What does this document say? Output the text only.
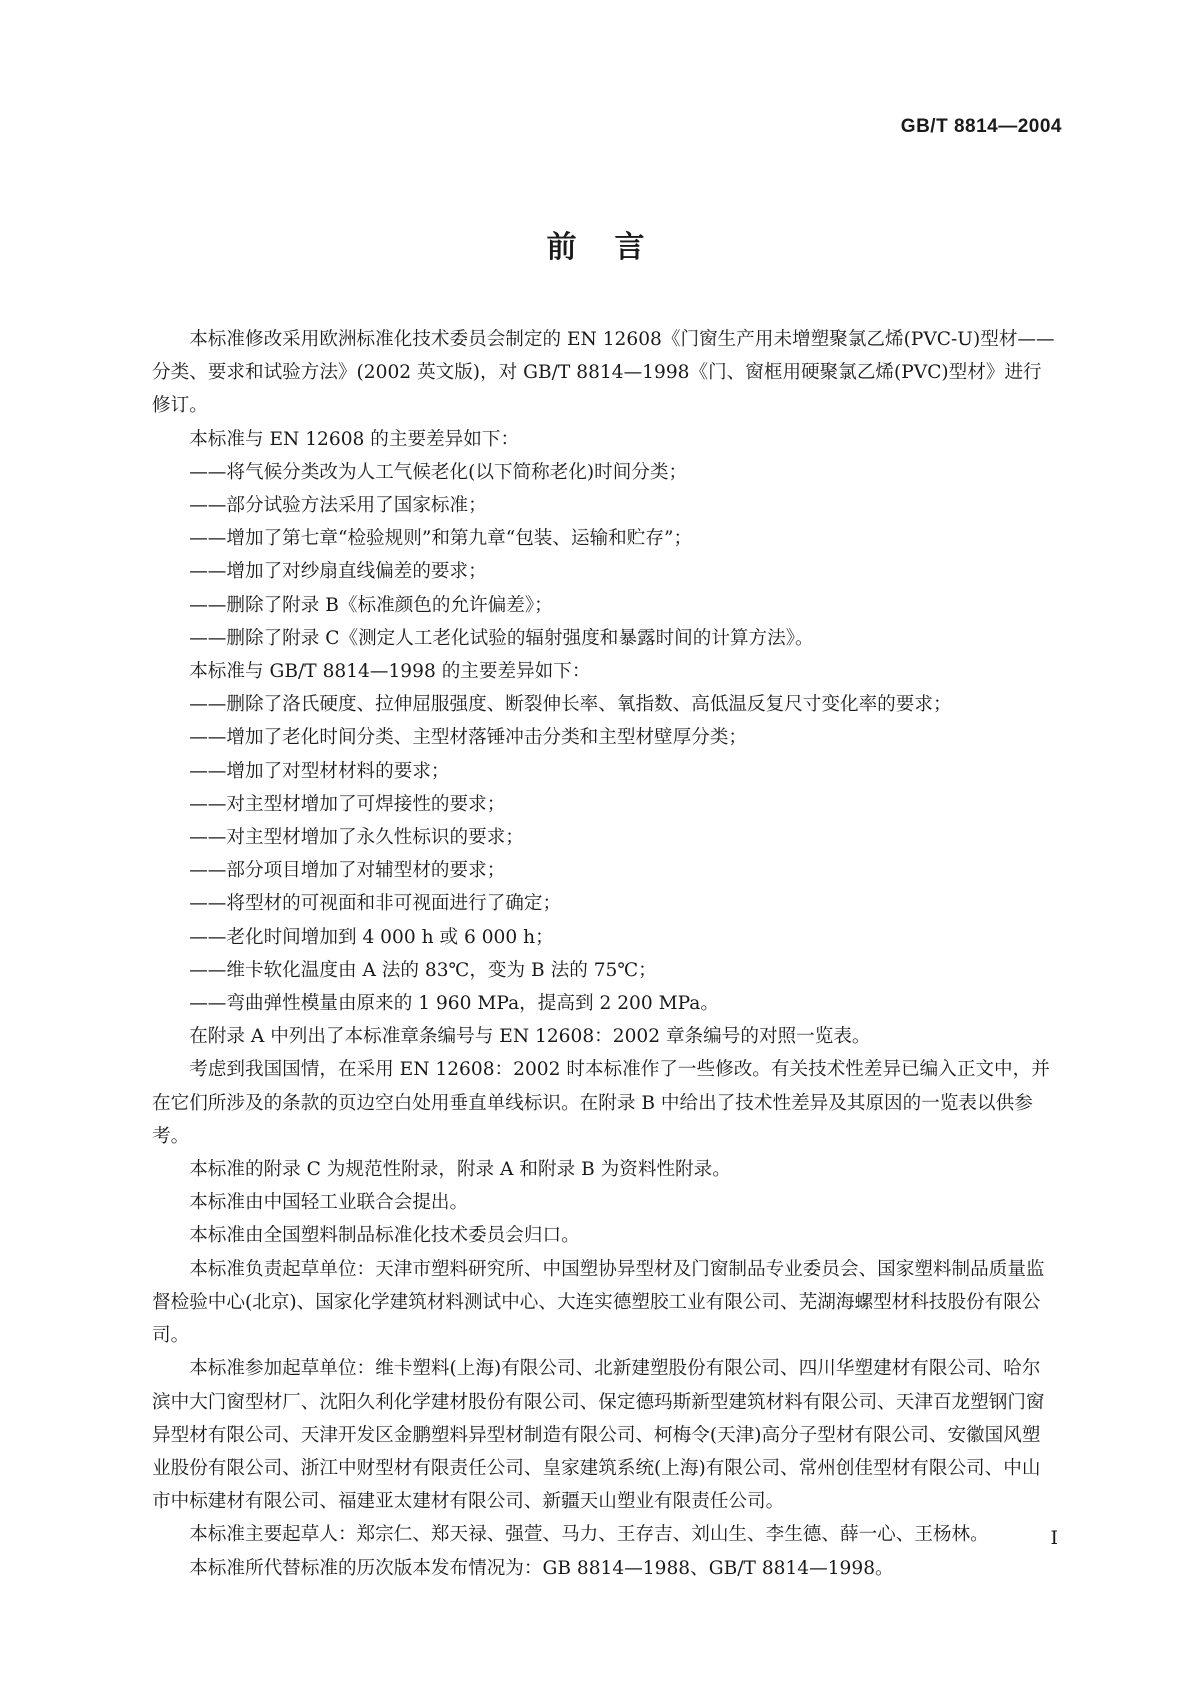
GB/T 8814—2004
前言

本标准修改采用欧洲标准化技术委员会制定的 EN 12608《门窗生产用未增塑聚氯乙烯(PVC-U)型材——分类、要求和试验方法》(2002 英文版)，对 GB/T 8814—1998《门、窗框用硬聚氯乙烯(PVC)型材》进行修订。

本标准与 EN 12608 的主要差异如下：

——将气候分类改为人工气候老化(以下简称老化)时间分类；

——部分试验方法采用了国家标准；

——增加了第七章“检验规则”和第九章“包装、运输和贮存”；

——增加了对纱扇直线偏差的要求；

——删除了附录 B《标准颜色的允许偏差》；

——删除了附录 C《测定人工老化试验的辐射强度和暴露时间的计算方法》。

本标准与 GB/T 8814—1998 的主要差异如下：

——删除了洛氏硬度、拉伸屈服强度、断裂伸长率、氧指数、高低温反复尺寸变化率的要求；

——增加了老化时间分类、主型材落锤冲击分类和主型材壁厚分类；

——增加了对型材材料的要求；

——对主型材增加了可焊接性的要求；

——对主型材增加了永久性标识的要求；

——部分项目增加了对辅型材的要求；

——将型材的可视面和非可视面进行了确定；

——老化时间增加到 4 000 h 或 6 000 h；

——维卡软化温度由 A 法的 83℃，变为 B 法的 75℃；

——弯曲弹性模量由原来的 1 960 MPa，提高到 2 200 MPa。

在附录 A 中列出了本标准章条编号与 EN 12608：2002 章条编号的对照一览表。

考虑到我国国情，在采用 EN 12608：2002 时本标准作了一些修改。有关技术性差异已编入正文中，并在它们所涉及的条款的页边空白处用垂直单线标识。在附录 B 中给出了技术性差异及其原因的一览表以供参考。

本标准的附录 C 为规范性附录，附录 A 和附录 B 为资料性附录。

本标准由中国轻工业联合会提出。

本标准由全国塑料制品标准化技术委员会归口。

本标准负责起草单位：天津市塑料研究所、中国塑协异型材及门窗制品专业委员会、国家塑料制品质量监督检验中心(北京)、国家化学建筑材料测试中心、大连实德塑胶工业有限公司、芜湖海螺型材科技股份有限公司。

本标准参加起草单位：维卡塑料(上海)有限公司、北新建塑股份有限公司、四川华塑建材有限公司、哈尔滨中大门窗型材厂、沈阳久利化学建材股份有限公司、保定德玛斯新型建筑材料有限公司、天津百龙塑钢门窗异型材有限公司、天津开发区金鹏塑料异型材制造有限公司、柯梅令(天津)高分子型材有限公司、安徽国风塑业股份有限公司、浙江中财型材有限责任公司、皇家建筑系统(上海)有限公司、常州创佳型材有限公司、中山市中标建材有限公司、福建亚太建材有限公司、新疆天山塑业有限责任公司。

本标准主要起草人：郑宗仁、郑天禄、强萱、马力、王存吉、刘山生、李生德、薛一心、王杨林。

本标准所代替标准的历次版本发布情况为：GB 8814—1988、GB/T 8814—1998。

I
